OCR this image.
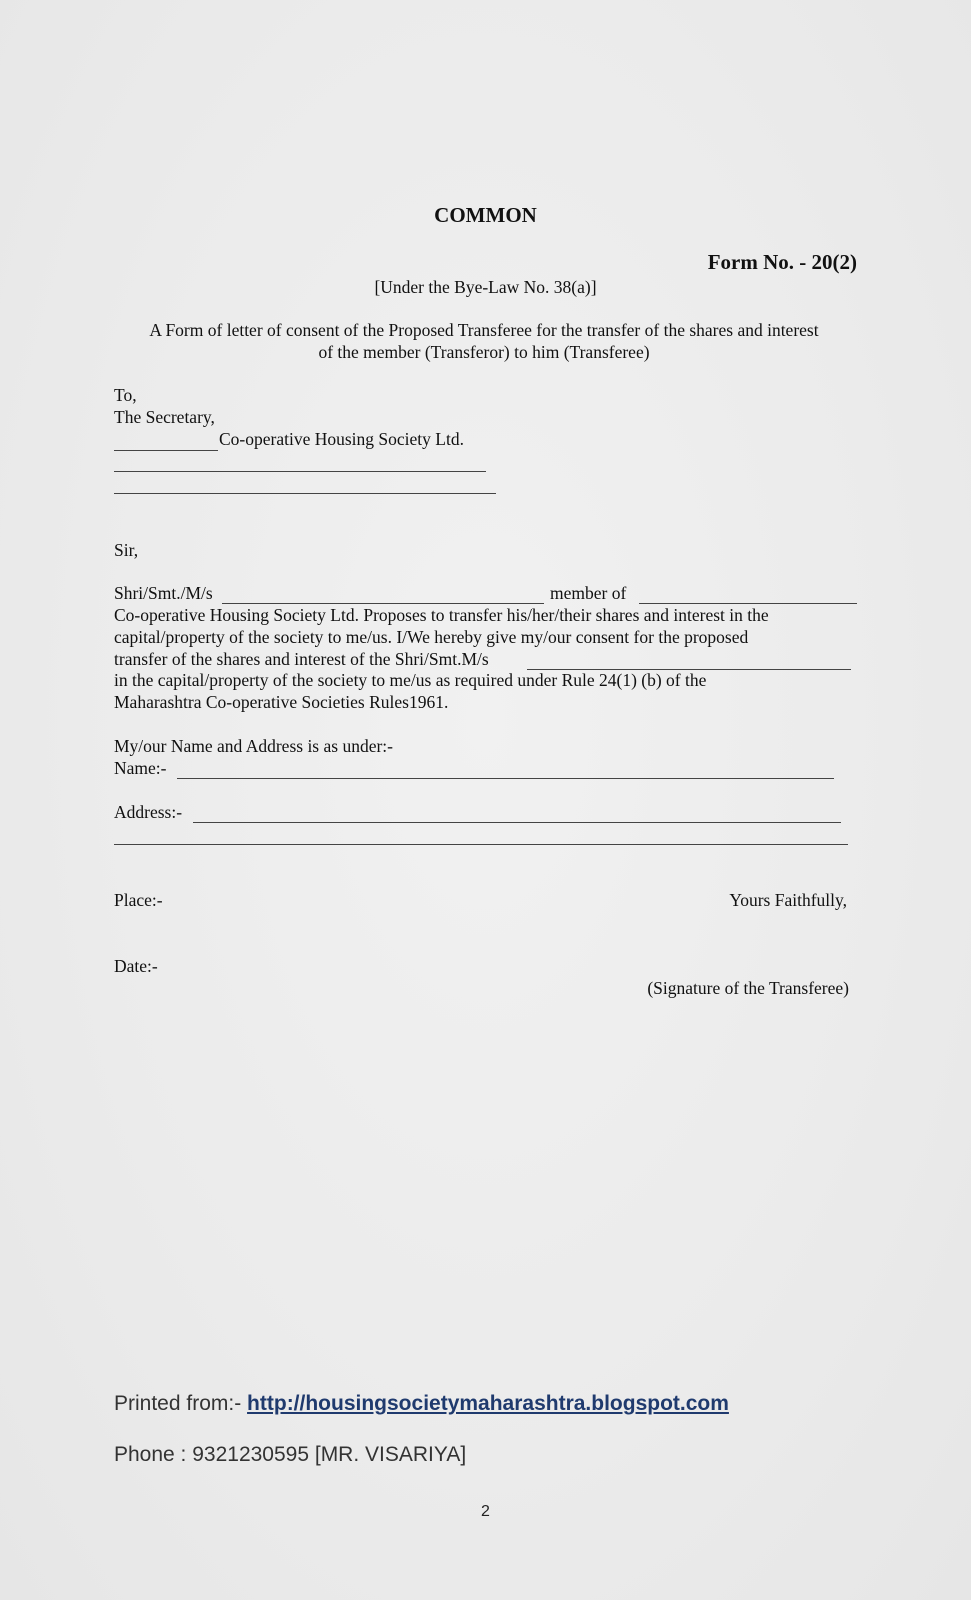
COMMON
Form No. - 20(2)
[Under the Bye-Law No. 38(a)]
A Form of letter of consent of the Proposed Transferee for the transfer of the shares and interest
of the member (Transferor) to him (Transferee)
To,
The Secretary,
Co-operative Housing Society Ltd.
Sir,
Shri/Smt./M/s	member of
Co-operative Housing Society Ltd. Proposes to transfer his/her/their shares and interest in the
capital/property of the society to me/us. I/We hereby give my/our consent for the proposed
transfer of the shares and interest of the Shri/Smt.M/s
in the capital/property of the society to me/us as required under Rule 24(1) (b) of the
Maharashtra Co-operative Societies Rules1961.
My/our Name and Address is as under:-
Name:-
Address:-
Place:-	Yours Faithfully,
Date:-
(Signature of the Transferee)
Printed from:- http://housingsocietymaharashtra.blogspot.com
Phone : 9321230595 [MR. VISARIYA]
2
